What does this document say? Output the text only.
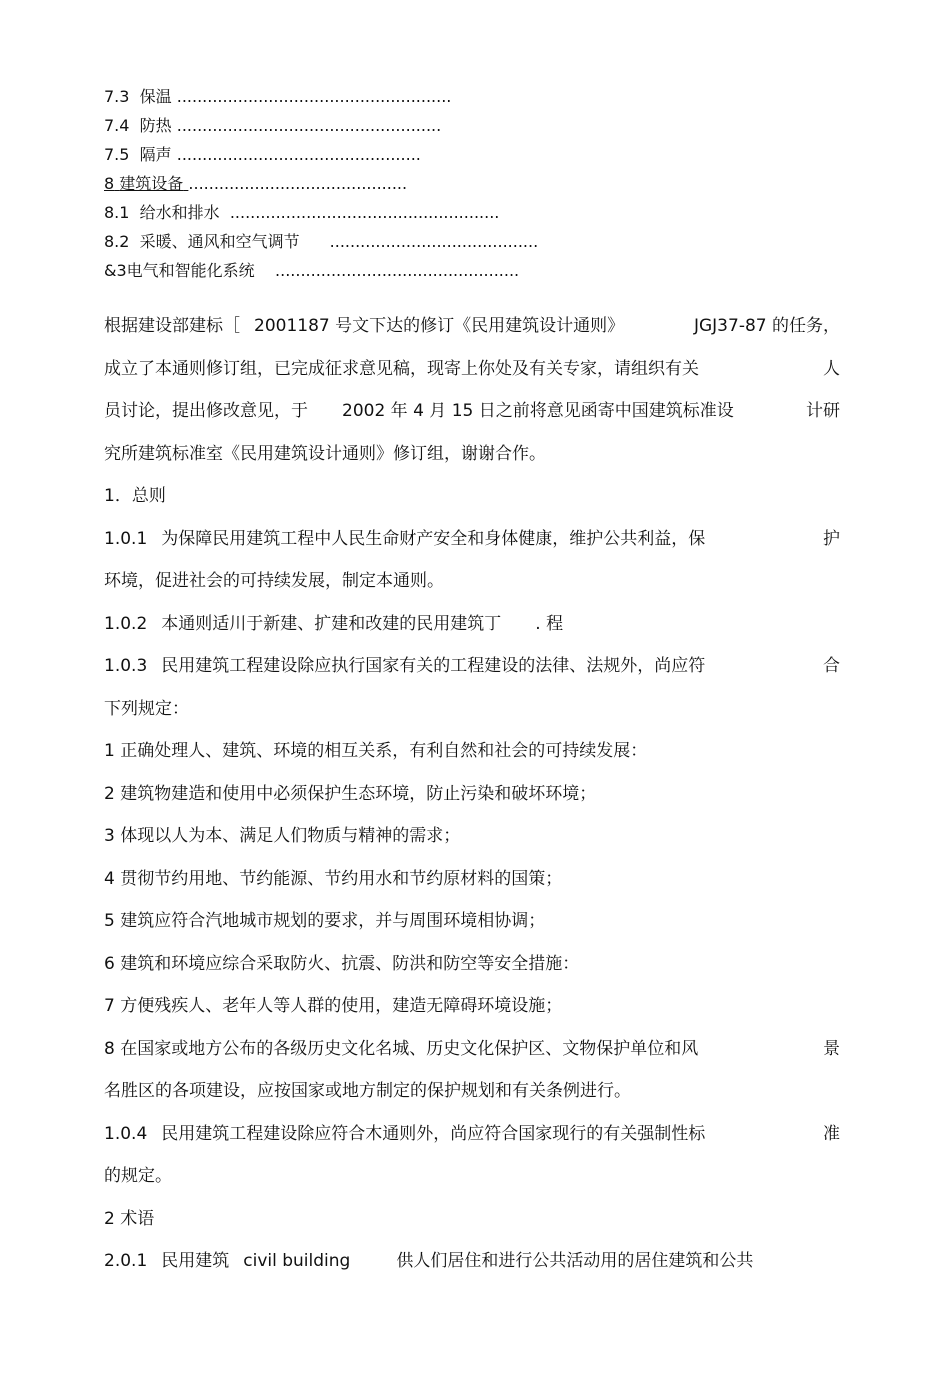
7.3 保温 ......................................................
7.4 防热 ....................................................
7.5 隔声 ................................................
8 建筑设备 ...........................................
8.1 给水和排水 .....................................................
8.2 采暖、通风和空气调节 .........................................
&3电气和智能化系统 ................................................
根据建设部建标［ 2001187 号文下达的修订《民用建筑设计通则》	JGJ37-87 的任务，
成立了本通则修订组，已完成征求意见稿，现寄上你处及有关专家，请组织有关	人
员讨论，提出修改意见，于 2002 年 4 月 15 日之前将意见函寄中国建筑标准设	计研
究所建筑标准室《民用建筑设计通则》修订组，谢谢合作。
1．总则
1.0.1 为保障民用建筑工程中人民生命财产安全和身体健康，维护公共利益，保	护
环境，促进社会的可持续发展，制定本通则。
1.0.2 本通则适川于新建、扩建和改建的民用建筑丁 . 程
1.0.3 民用建筑工程建设除应执行国家有关的工程建设的法律、法规外，尚应符	合
下列规定：
1 正确处理人、建筑、环境的相互关系，有利自然和社会的可持续发展：
2 建筑物建造和使用中必须保护生态环境，防止污染和破坏环境；
3 体现以人为本、满足人们物质与精神的需求；
4 贯彻节约用地、节约能源、节约用水和节约原材料的国策；
5 建筑应符合汽地城市规划的要求，并与周围环境相协调；
6 建筑和环境应综合采取防火、抗震、防洪和防空等安全措施：
7 方便残疾人、老年人等人群的使用，建造无障碍环境设施；
8 在国家或地方公布的各级历史文化名城、历史文化保护区、文物保护单位和风	景
名胜区的各项建设，应按国家或地方制定的保护规划和有关条例进行。
1.0.4 民用建筑工程建设除应符合木通则外，尚应符合国家现行的有关强制性标	准
的规定。
2 术语
2.0.1 民用建筑 civil building	供人们居住和进行公共活动用的居住建筑和公共
